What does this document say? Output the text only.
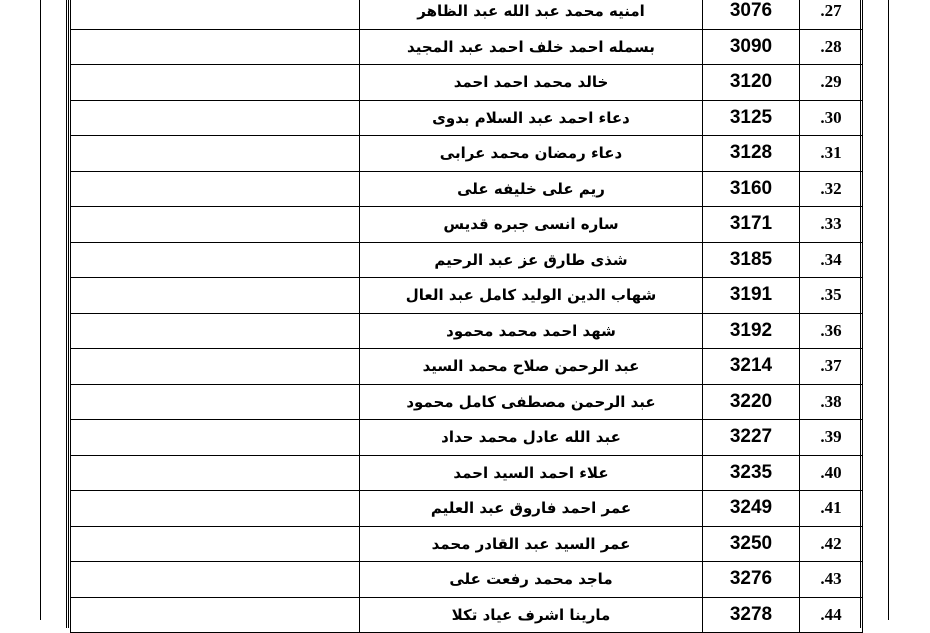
	امنيه محمد عبد الله عبد الظاهر	3076	.27
	بسمله احمد خلف احمد عبد المجيد	3090	.28
	خالد محمد احمد احمد	3120	.29
	دعاء احمد عبد السلام بدوى	3125	.30
	دعاء رمضان محمد عرابى	3128	.31
	ريم على خليفه على	3160	.32
	ساره انسى جبره قديس	3171	.33
	شذى طارق عز عبد الرحيم	3185	.34
	شهاب الدين الوليد كامل عبد العال	3191	.35
	شهد احمد محمد محمود	3192	.36
	عبد الرحمن صلاح محمد السيد	3214	.37
	عبد الرحمن مصطفى كامل محمود	3220	.38
	عبد الله عادل محمد حداد	3227	.39
	علاء احمد السيد احمد	3235	.40
	عمر احمد فاروق عبد العليم	3249	.41
	عمر السيد عبد القادر محمد	3250	.42
	ماجد محمد رفعت على	3276	.43
	مارينا اشرف عياد تكلا	3278	.44
